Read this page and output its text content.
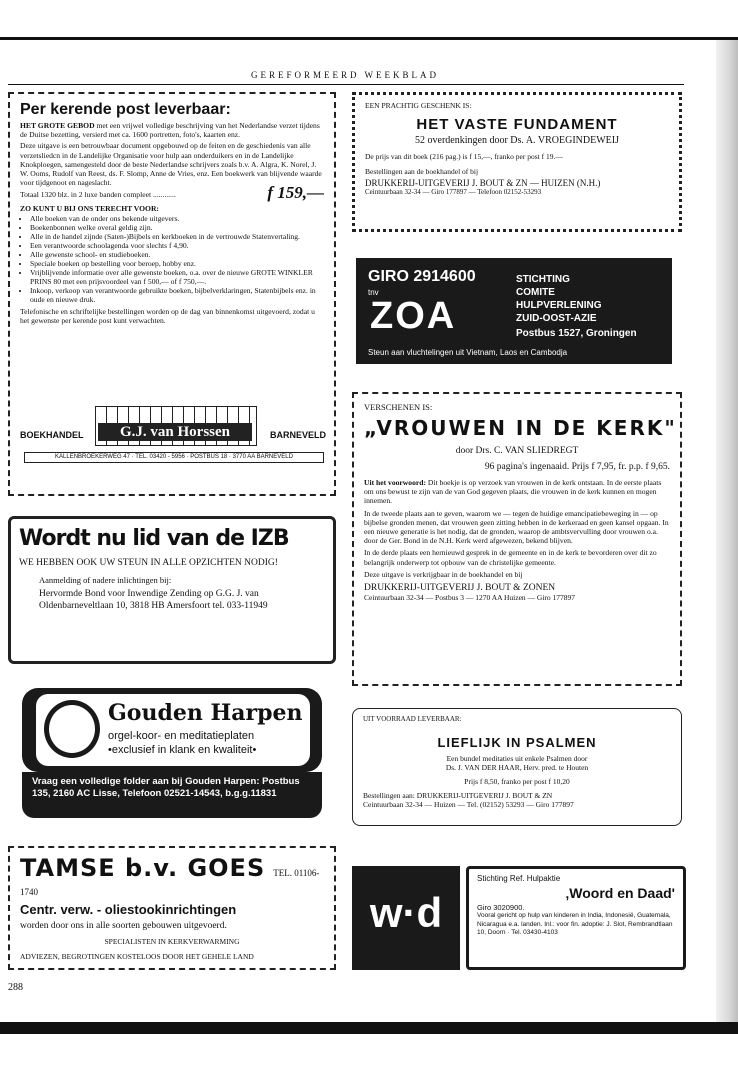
GEREFORMEERD WEEKBLAD
Per kerende post leverbaar:
HET GROTE GEBOD met een vrijwel volledige beschrijving van het Nederlandse verzet tijdens de Duitse bezetting, versierd met ca. 1600 portretten, foto's, kaarten enz.
Deze uitgave is een betrouwbaar document opgebouwd op de feiten en de geschiedenis van alle verzetsliedcn in de Landelijke Organisatie voor hulp aan onderduikers en in de Landelijke Knokploegen, samengesteld door de beste Nederlandse schrijvers zoals b.v. A. Algra, K. Norel, J. W. Ooms, Rudolf van Reest, ds. F. Slomp, Anne de Vries, enz. Een boekwerk van blijvende waarde voor tijdgenoot en nageslacht.
Totaal 1320 blz. in 2 luxe banden compleet ............	f 159,—
ZO KUNT U BIJ ONS TERECHT VOOR:
• Alle boeken van de onder ons bekende uitgevers.
• Boekenbonnen welke overal geldig zijn.
• Alle in de handel zijnde (Saten-)Bijbels en kerkboeken in de vertrouwde Statenvertaling.
• Een verantwoorde schoolagenda voor slechts f 4,90.
• Alle gewenste school- en studieboeken.
• Speciale boeken op bestelling voor beroep, hobby enz.
• Vrijblijvende informatie over alle gewenste boeken, o.a. over de nieuwe GROTE WINKLER PRINS 80 met een prijsvoordeel van f 500,— of f 750,—.
• Inkoop, verkoop van verantwoorde gebruikte boeken, bijbelverklaringen, Statenbijbels enz. in oude en nieuwe druk.
Telefonische en schriftelijke bestellingen worden op de dag van binnenkomst uitgevoerd, zodat u het gewenste per kerende post kunt verwachten.
BOEKHANDEL	G.J. van Horssen	BARNEVELD
KALLENBROEKERWEG 47 · TEL. 03420 - 5956 · POSTBUS 18 · 3770 AA BARNEVELD
Wordt nu lid van de IZB
WE HEBBEN OOK UW STEUN IN ALLE OPZICHTEN NODIG!
Aanmelding of nadere inlichtingen bij:
Hervormde Bond voor Inwendige Zending op G.G. J. van Oldenbarneveltlaan 10, 3818 HB Amersfoort tel. 033-11949
Gouden Harpen
orgel-koor- en meditatieplaten
•exclusief in klank en kwaliteit•
Vraag een volledige folder aan bij Gouden Harpen: Postbus 135, 2160 AC Lisse, Telefoon 02521-14543, b.g.g.11831
TAMSE b.v. GOES TEL. 01106-1740
Centr. verw. - oliestookinrichtingen
worden door ons in alle soorten gebouwen uitgevoerd.
SPECIALISTEN IN KERKVERWARMING
ADVIEZEN, BEGROTINGEN KOSTELOOS DOOR HET GEHELE LAND
288
EEN PRACHTIG GESCHENK IS:
HET VASTE FUNDAMENT
52 overdenkingen door Ds. A. VROEGINDEWEIJ
De prijs van dit boek (216 pag.) is f 15,—, franko per post f 19.—
Bestellingen aan de boekhandel of bij
DRUKKERIJ-UITGEVERIJ J. BOUT & ZN — HUIZEN (N.H.)
Ceintuurbaan 32-34 — Giro 177897 — Telefoon 02152-53293
GIRO 2914600
tnv
ZOA
STICHTING
COMITE
HULPVERLENING
ZUID-OOST-AZIE
Postbus 1527, Groningen
Steun aan vluchtelingen uit Vietnam, Laos en Cambodja
VERSCHENEN IS:
„VROUWEN IN DE KERK"
door Drs. C. VAN SLIEDREGT
96 pagina's ingenaaid. Prijs f 7,95, fr. p.p. f 9,65.
Uit het voorwoord: Dit boekje is op verzoek van vrouwen in de kerk ontstaan. In de eerste plaats om ons bewust te zijn van de van God gegeven plaats, die vrouwen in de kerk kunnen en mogen innemen.
In de tweede plaats aan te geven, waarom we — tegen de huidige emancipatiebeweging in — op bijbelse gronden menen, dat vrouwen geen zitting hebben in de kerkeraad en geen kansel opgaan. In een nieuwe generatie is het nodig, dat de gronden, waarop de ambtsvervulling door vrouwen o.a. door de Ger. Bond in de N.H. Kerk werd afgewezen, bekend blijven.
In de derde plaats een hernieuwd gesprek in de gemeente en in de kerk te bevorderen over dit zo belangrijk onderwerp tot opbouw van de christelijke gemeente.
Deze uitgave is verkrijgbaar in de boekhandel en bij
DRUKKERIJ-UITGEVERIJ J. BOUT & ZONEN
Ceintuurbaan 32-34 — Postbus 3 — 1270 AA Huizen — Giro 177897
UIT VOORRAAD LEVERBAAR:
LIEFLIJK IN PSALMEN
Een bundel meditaties uit enkele Psalmen door
Ds. J. VAN DER HAAR, Herv. pred. te Houten
Prijs f 8,50, franko per post f 10,20
Bestellingen aan: DRUKKERIJ-UITGEVERIJ J. BOUT & ZN
Ceintuurbaan 32-34 — Huizen — Tel. (02152) 53293 — Giro 177897
w·d
Stichting Ref. Hulpaktie
‚Woord en Daad'
Giro 3020900.
Vooral gericht op hulp van kinderen in India, Indonesië, Guatemala, Nicaragua e.a. landen. Inl.: voor fin. adoptie: J. Slot, Rembrandtlaan 10, Doorn · Tel. 03430-4103
